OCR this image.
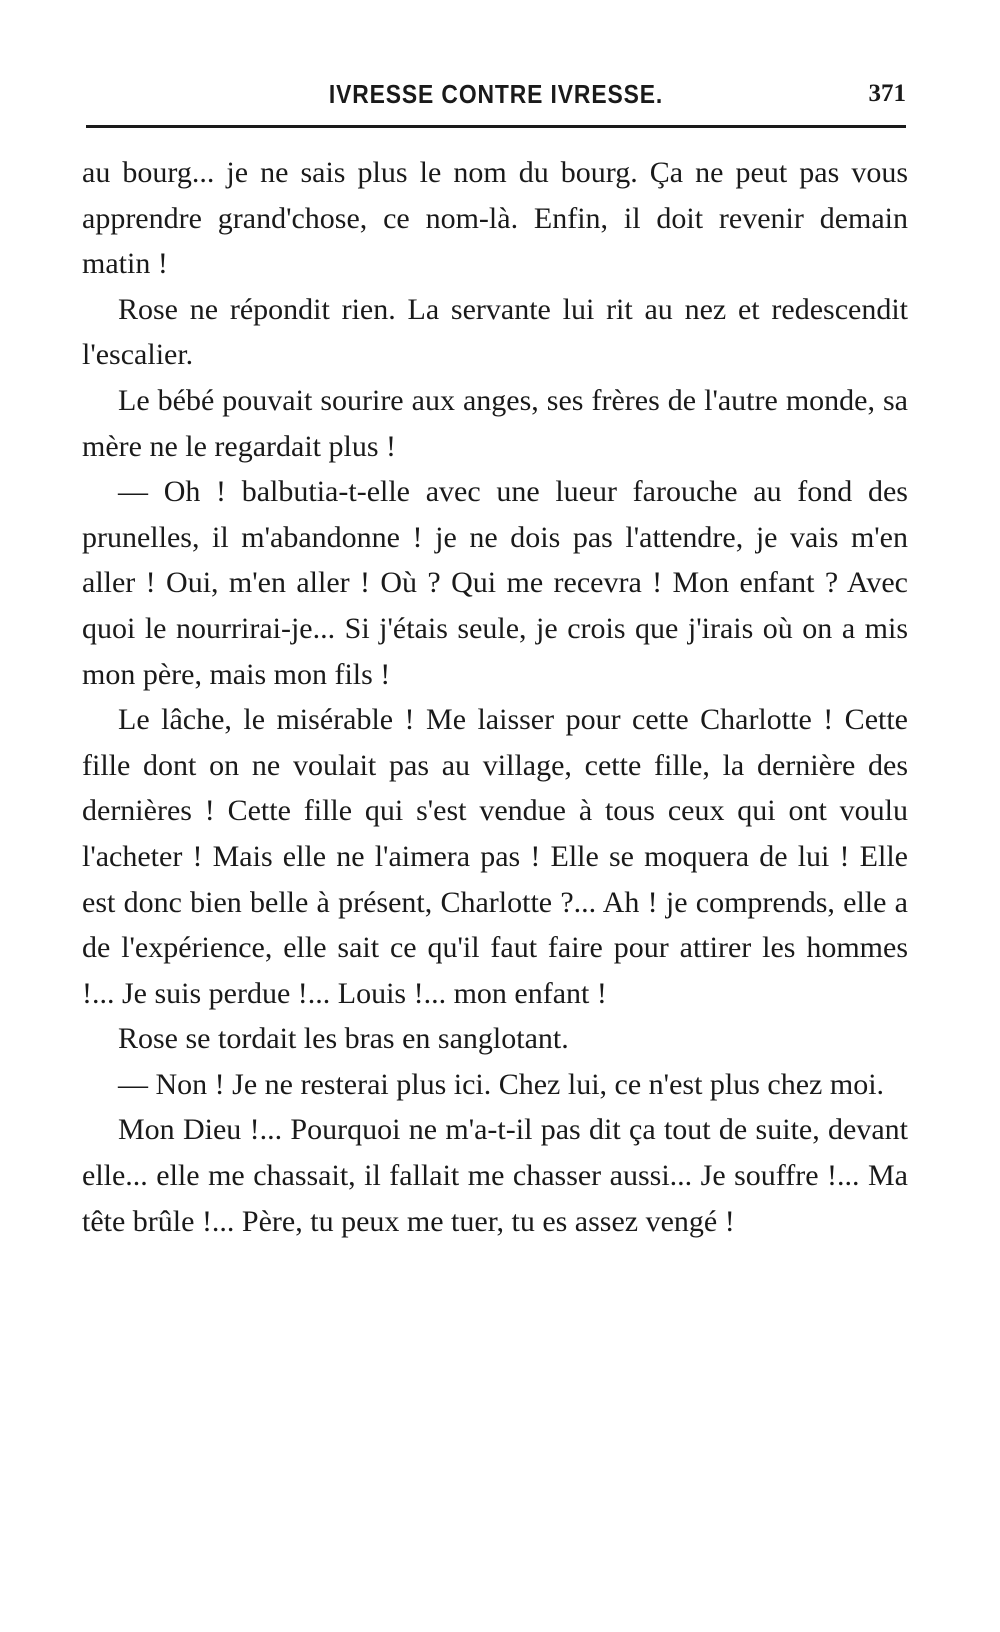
IVRESSE CONTRE IVRESSE.	371

au bourg... je ne sais plus le nom du bourg. Ça ne peut pas vous apprendre grand'chose, ce nom-là. Enfin, il doit revenir demain matin !

Rose ne répondit rien. La servante lui rit au nez et redescendit l'escalier.

Le bébé pouvait sourire aux anges, ses frères de l'autre monde, sa mère ne le regardait plus !

— Oh ! balbutia-t-elle avec une lueur farouche au fond des prunelles, il m'abandonne ! je ne dois pas l'attendre, je vais m'en aller ! Oui, m'en aller ! Où ? Qui me recevra ! Mon enfant ? Avec quoi le nourrirai-je... Si j'étais seule, je crois que j'irais où on a mis mon père, mais mon fils !

Le lâche, le misérable ! Me laisser pour cette Charlotte ! Cette fille dont on ne voulait pas au village, cette fille, la dernière des dernières ! Cette fille qui s'est vendue à tous ceux qui ont voulu l'acheter ! Mais elle ne l'aimera pas ! Elle se moquera de lui ! Elle est donc bien belle à présent, Charlotte ?... Ah ! je comprends, elle a de l'expérience, elle sait ce qu'il faut faire pour attirer les hommes !... Je suis perdue !... Louis !... mon enfant !

Rose se tordait les bras en sanglotant.

— Non ! Je ne resterai plus ici. Chez lui, ce n'est plus chez moi.

Mon Dieu !... Pourquoi ne m'a-t-il pas dit ça tout de suite, devant elle... elle me chassait, il fallait me chasser aussi... Je souffre !... Ma tête brûle !... Père, tu peux me tuer, tu es assez vengé !
